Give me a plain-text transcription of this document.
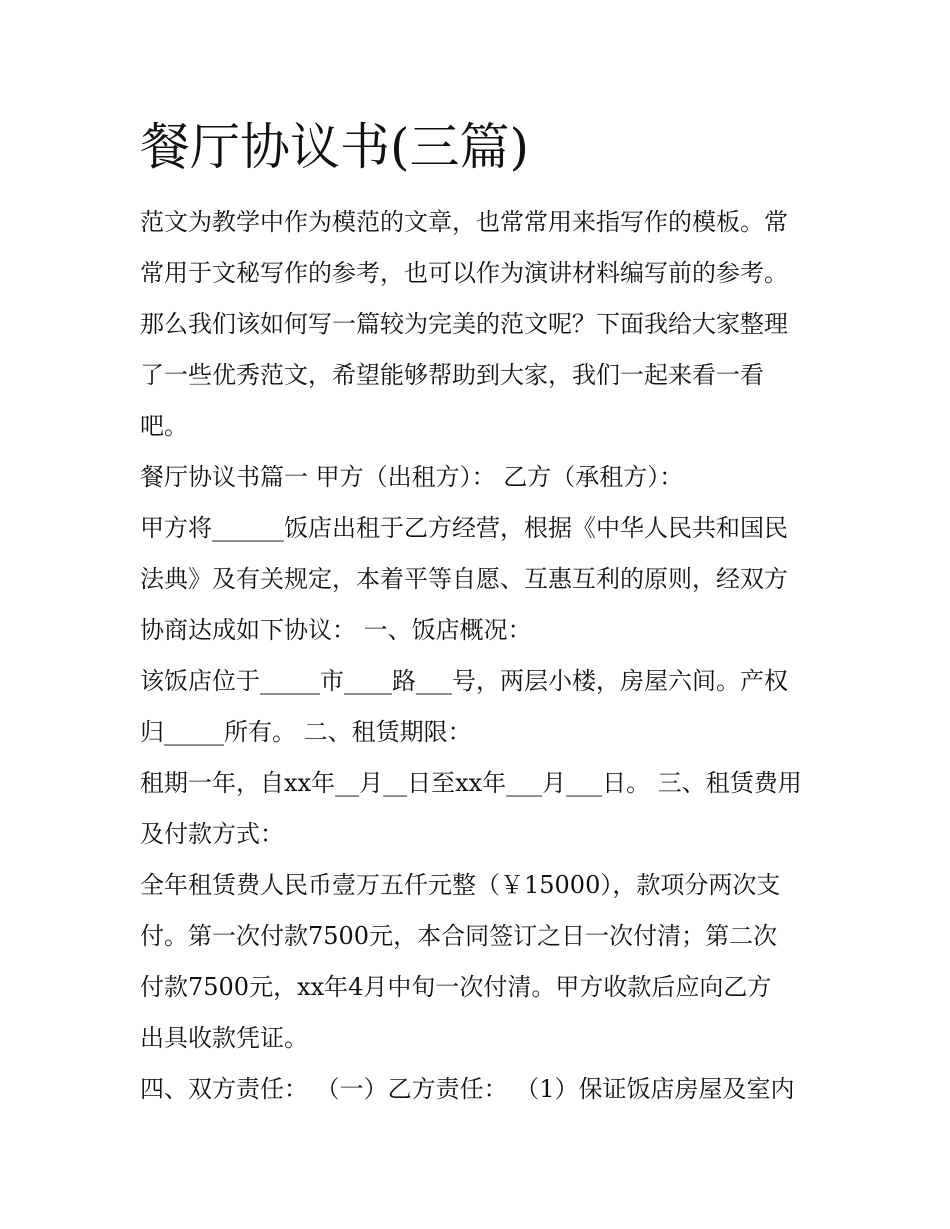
餐厅协议书(三篇)
范文为教学中作为模范的文章，也常常用来指写作的模板。常
常用于文秘写作的参考，也可以作为演讲材料编写前的参考。
那么我们该如何写一篇较为完美的范文呢？下面我给大家整理
了一些优秀范文，希望能够帮助到大家，我们一起来看一看
吧。
餐厅协议书篇一 甲方（出租方）： 乙方（承租方）：
甲方将______饭店出租于乙方经营，根据《中华人民共和国民
法典》及有关规定，本着平等自愿、互惠互利的原则，经双方
协商达成如下协议： 一、饭店概况：
该饭店位于_____市____路___号，两层小楼，房屋六间。产权
归_____所有。 二、租赁期限：
租期一年，自xx年__月__日至xx年___月___日。 三、租赁费用
及付款方式：
全年租赁费人民币壹万五仟元整（￥15000），款项分两次支
付。第一次付款7500元，本合同签订之日一次付清；第二次
付款7500元，xx年4月中旬一次付清。甲方收款后应向乙方
出具收款凭证。
四、双方责任： （一）乙方责任： （1）保证饭店房屋及室内
